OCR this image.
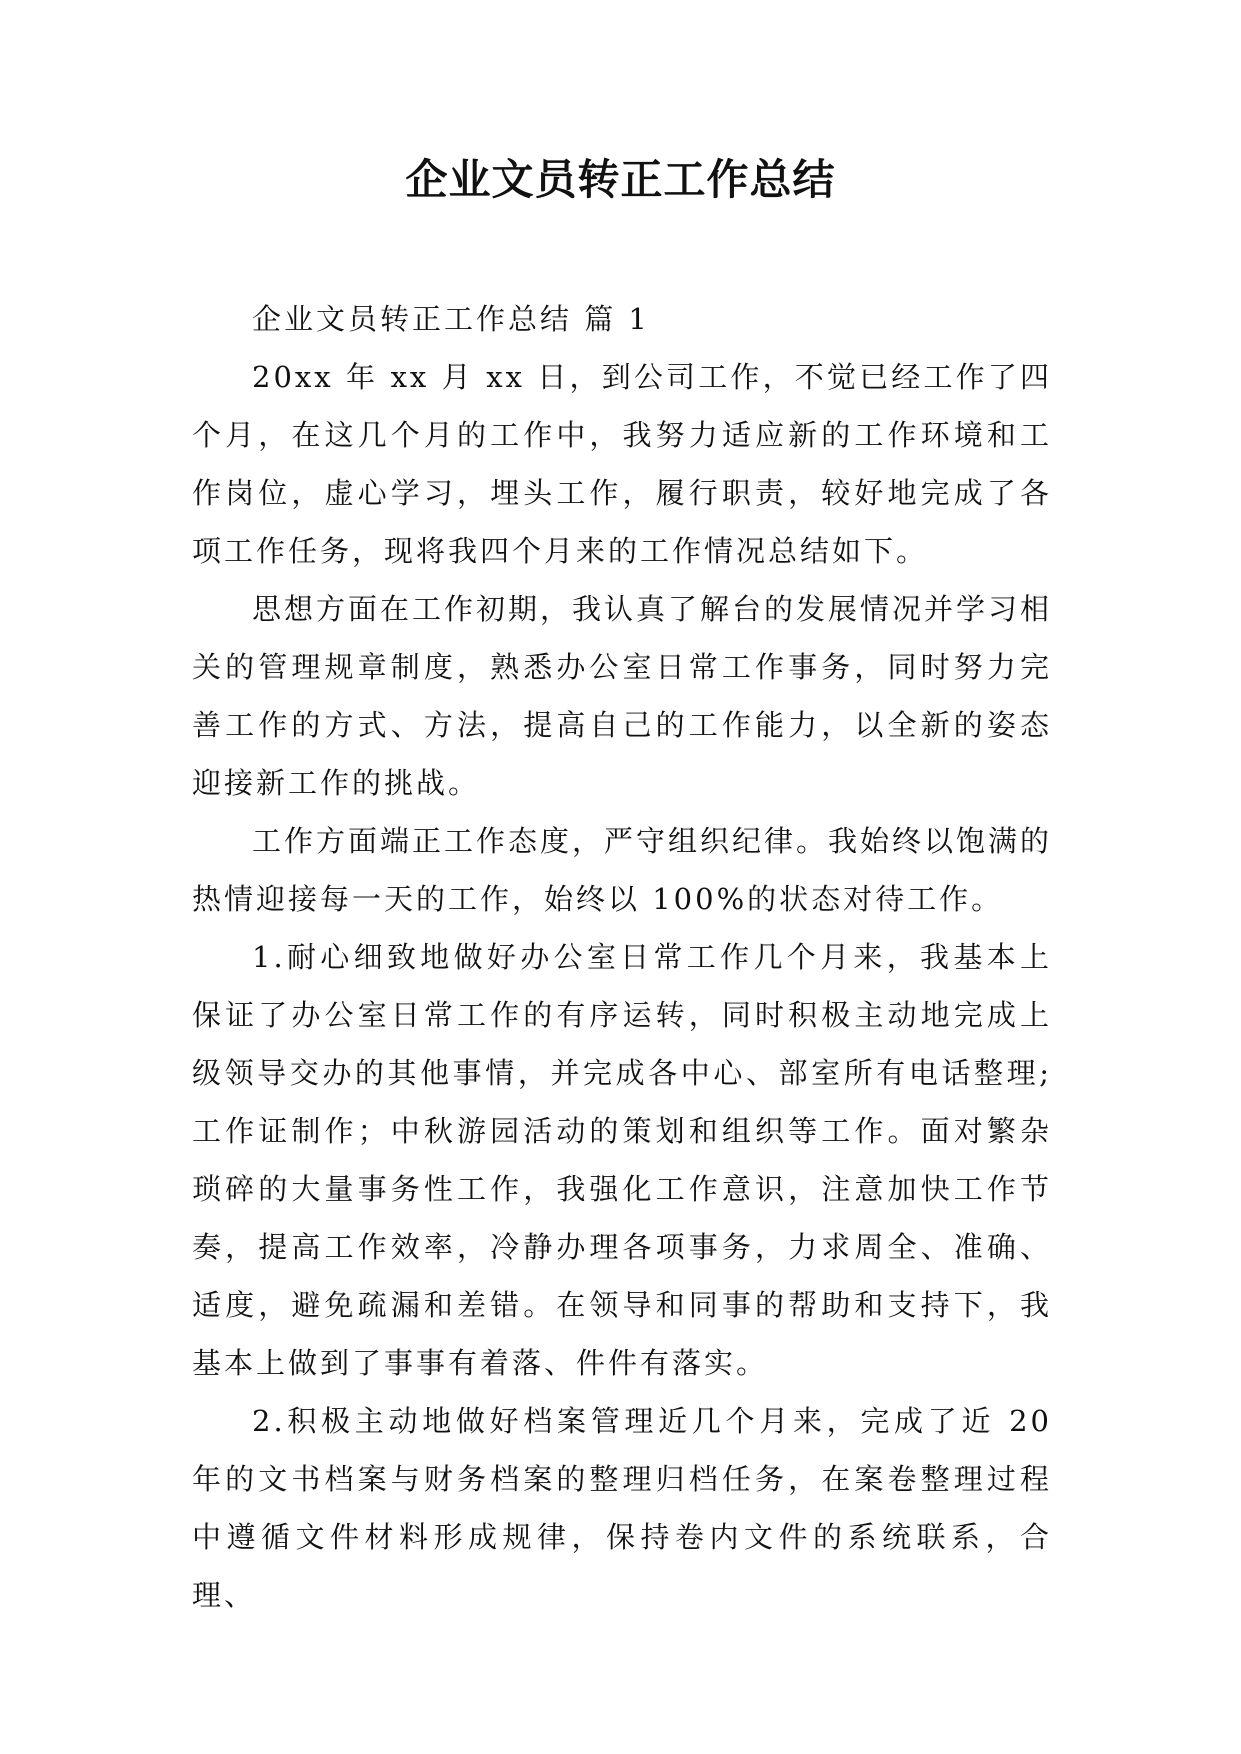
企业文员转正工作总结

企业文员转正工作总结 篇 1

20xx 年 xx 月 xx 日，到公司工作，不觉已经工作了四个月，在这几个月的工作中，我努力适应新的工作环境和工作岗位，虚心学习，埋头工作，履行职责，较好地完成了各项工作任务，现将我四个月来的工作情况总结如下。

思想方面在工作初期，我认真了解台的发展情况并学习相关的管理规章制度，熟悉办公室日常工作事务，同时努力完善工作的方式、方法，提高自己的工作能力，以全新的姿态迎接新工作的挑战。

工作方面端正工作态度，严守组织纪律。我始终以饱满的热情迎接每一天的工作，始终以 100%的状态对待工作。

1.耐心细致地做好办公室日常工作几个月来，我基本上保证了办公室日常工作的有序运转，同时积极主动地完成上级领导交办的其他事情，并完成各中心、部室所有电话整理;工作证制作；中秋游园活动的策划和组织等工作。面对繁杂琐碎的大量事务性工作，我强化工作意识，注意加快工作节奏，提高工作效率，冷静办理各项事务，力求周全、准确、适度，避免疏漏和差错。在领导和同事的帮助和支持下，我基本上做到了事事有着落、件件有落实。

2.积极主动地做好档案管理近几个月来，完成了近 20 年的文书档案与财务档案的整理归档任务，在案卷整理过程中遵循文件材料形成规律，保持卷内文件的系统联系，合理、
